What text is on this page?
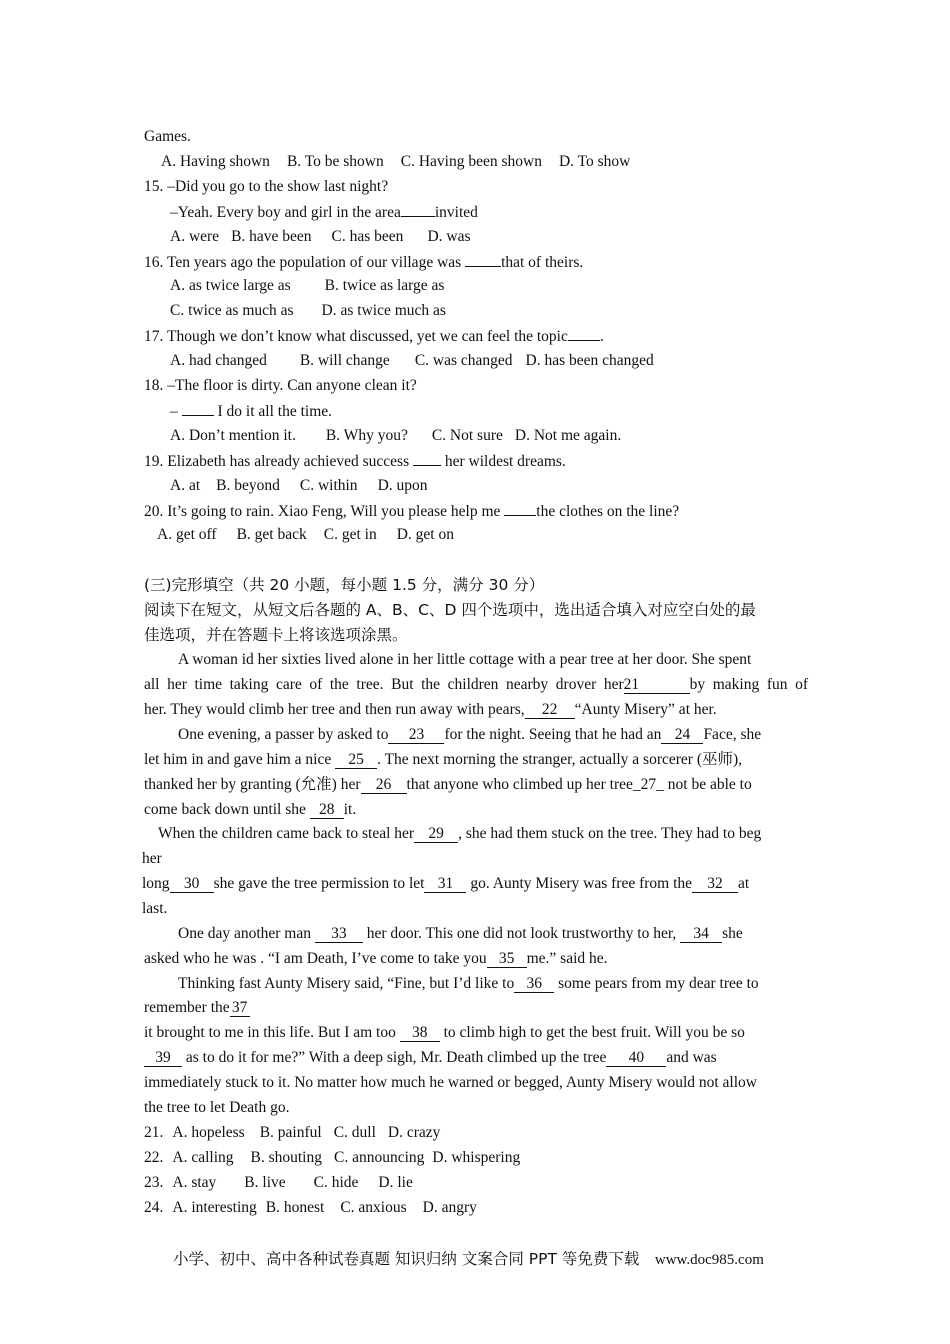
Games.
A. Having shown B. To be shown C. Having been shown D. To show
15. –Did you go to the show last night?
–Yeah. Every boy and girl in the area invited
A. were B. have been C. has been D. was
16. Ten years ago the population of our village was	that of theirs.
A. as twice large as B. twice as large as
C. twice as much as D. as twice much as
17. Though we don’t know what discussed, yet we can feel the topic .
A. had changed B. will change C. was changed D. has been changed
18. –The floor is dirty. Can anyone clean it?
–	I do it all the time.
A. Don’t mention it. B. Why you? C. Not sure D. Not me again.
19. Elizabeth has already achieved success her wildest dreams.
A. at B. beyond C. within D. upon
20. It’s going to rain. Xiao Feng, Will you please help me the clothes on the line?
A. get off B. get back C. get in D. get on
(三)完形填空（共 20 小题，每小题 1.5 分，满分 30 分）
阅读下在短文，从短文后各题的 A、B、C、D 四个选项中，选出适合填入对应空白处的最
佳选项，并在答题卡上将该选项涂黑。
A woman id her sixties lived alone in her little cottage with a pear tree at her door. She spent
all her time taking care of the tree. But the children nearby drover her21	by making fun of
her. They would climb her tree and then run away with pears, 22 “Aunty Misery” at her.
One evening, a passer by asked to 23 for the night. Seeing that he had an 24 Face, she
let him in and gave him a nice 25 . The next morning the stranger, actually a sorcerer (巫师),
thanked her by granting (允准) her 26 that anyone who climbed up her tree_27_ not be able to
come back down until she 28 it.
When the children came back to steal her 29 , she had them stuck on the tree. They had to beg
her
long 30 she gave the tree permission to let 31 go. Aunty Misery was free from the 32 at
last.
One day another man 33 her door. This one did not look trustworthy to her, 34 she
asked who he was . “I am Death, I’ve come to take you 35 me.” said he.
Thinking fast Aunty Misery said, “Fine, but I’d like to 36 some pears from my dear tree to
remember the 37
it brought to me in this life. But I am too 38 to climb high to get the best fruit. Will you be so
39 as to do it for me?” With a deep sigh, Mr. Death climbed up the tree 40 and was
immediately stuck to it. No matter how much he warned or begged, Aunty Misery would not allow
the tree to let Death go.
21. A. hopeless B. painful C. dull D. crazy
22. A. calling B. shouting C. announcing D. whispering
23. A. stay B. live C. hide D. lie
24. A. interesting B. honest C. anxious D. angry
小学、初中、高中各种试卷真题 知识归纳 文案合同 PPT 等免费下载 www.doc985.com
